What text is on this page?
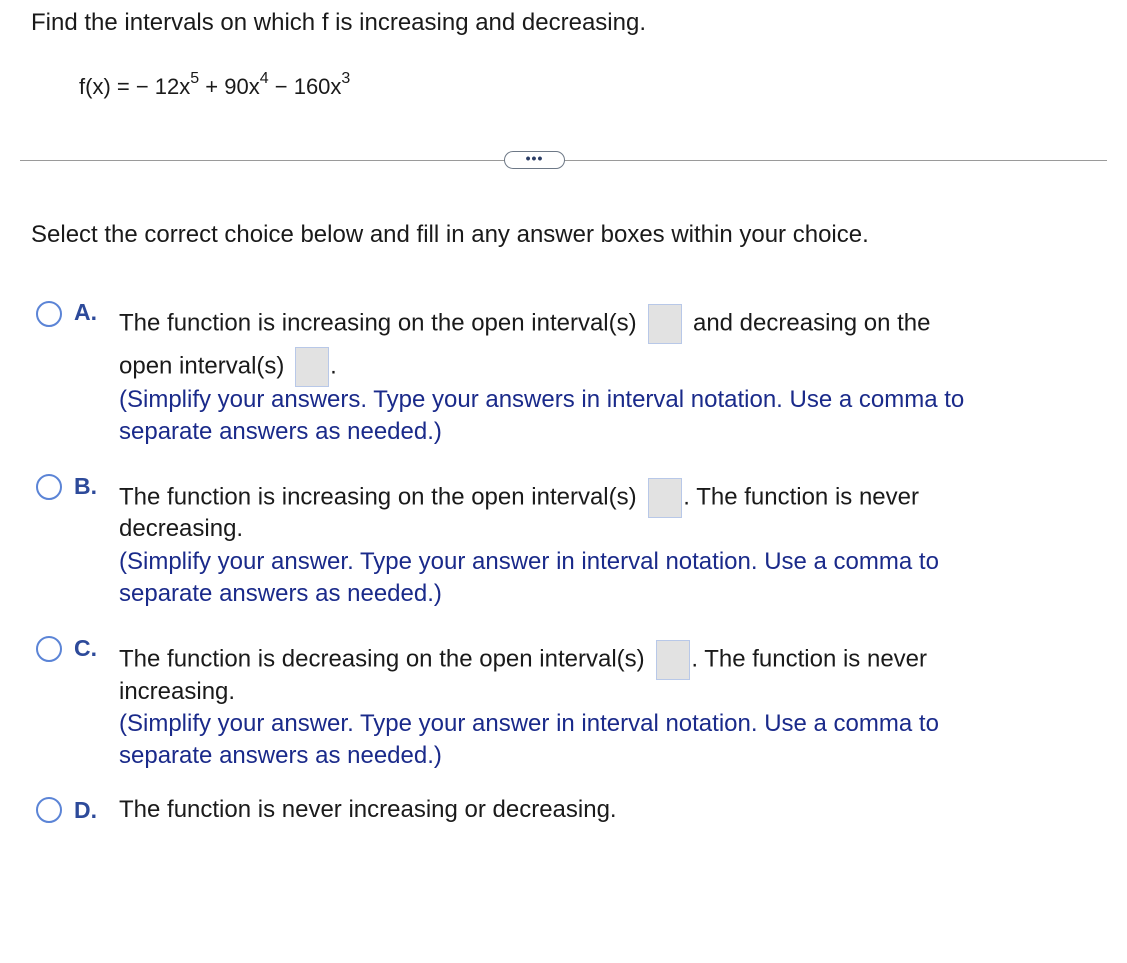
Find the intervals on which f is increasing and decreasing.
f(x) = − $12x^5 + 90x^4 - 160x^3$
•••
Select the correct choice below and fill in any answer boxes within your choice.
A. The function is increasing on the open interval(s) and decreasing on the
open interval(s) .
(Simplify your answers. Type your answers in interval notation. Use a comma to
separate answers as needed.)
B. The function is increasing on the open interval(s) . The function is never
decreasing.
(Simplify your answer. Type your answer in interval notation. Use a comma to
separate answers as needed.)
C. The function is decreasing on the open interval(s) . The function is never
increasing.
(Simplify your answer. Type your answer in interval notation. Use a comma to
separate answers as needed.)
D. The function is never increasing or decreasing.
